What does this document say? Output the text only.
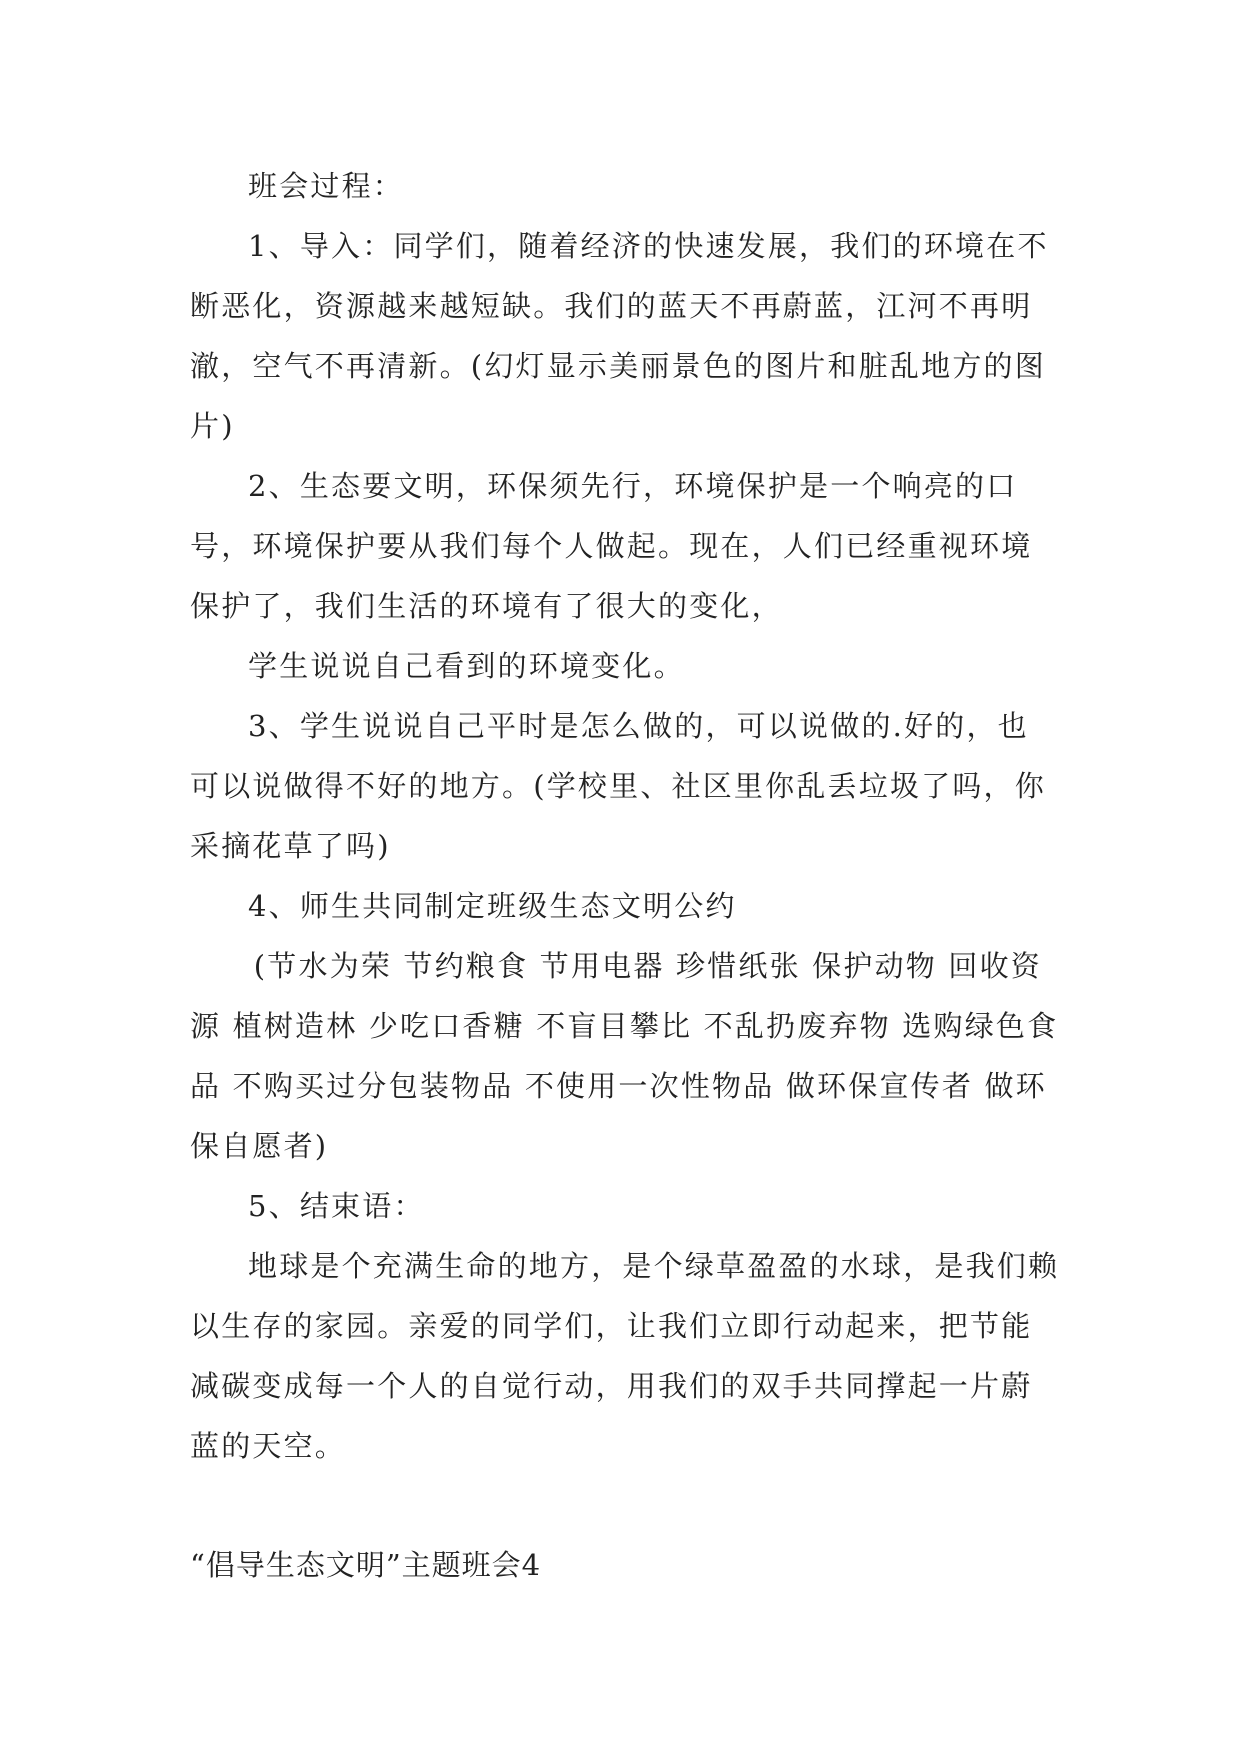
班会过程：

1、导入：同学们，随着经济的快速发展，我们的环境在不断恶化，资源越来越短缺。我们的蓝天不再蔚蓝，江河不再明澈，空气不再清新。(幻灯显示美丽景色的图片和脏乱地方的图片)

2、生态要文明，环保须先行，环境保护是一个响亮的口号，环境保护要从我们每个人做起。现在，人们已经重视环境保护了，我们生活的环境有了很大的变化，

学生说说自己看到的环境变化。

3、学生说说自己平时是怎么做的，可以说做的.好的，也可以说做得不好的地方。(学校里、社区里你乱丢垃圾了吗，你采摘花草了吗)

4、师生共同制定班级生态文明公约

(节水为荣 节约粮食 节用电器 珍惜纸张 保护动物 回收资源 植树造林 少吃口香糖 不盲目攀比 不乱扔废弃物 选购绿色食品 不购买过分包装物品 不使用一次性物品 做环保宣传者 做环保自愿者)

5、结束语：

地球是个充满生命的地方，是个绿草盈盈的水球，是我们赖以生存的家园。亲爱的同学们，让我们立即行动起来，把节能减碳变成每一个人的自觉行动，用我们的双手共同撑起一片蔚蓝的天空。

“倡导生态文明”主题班会4
